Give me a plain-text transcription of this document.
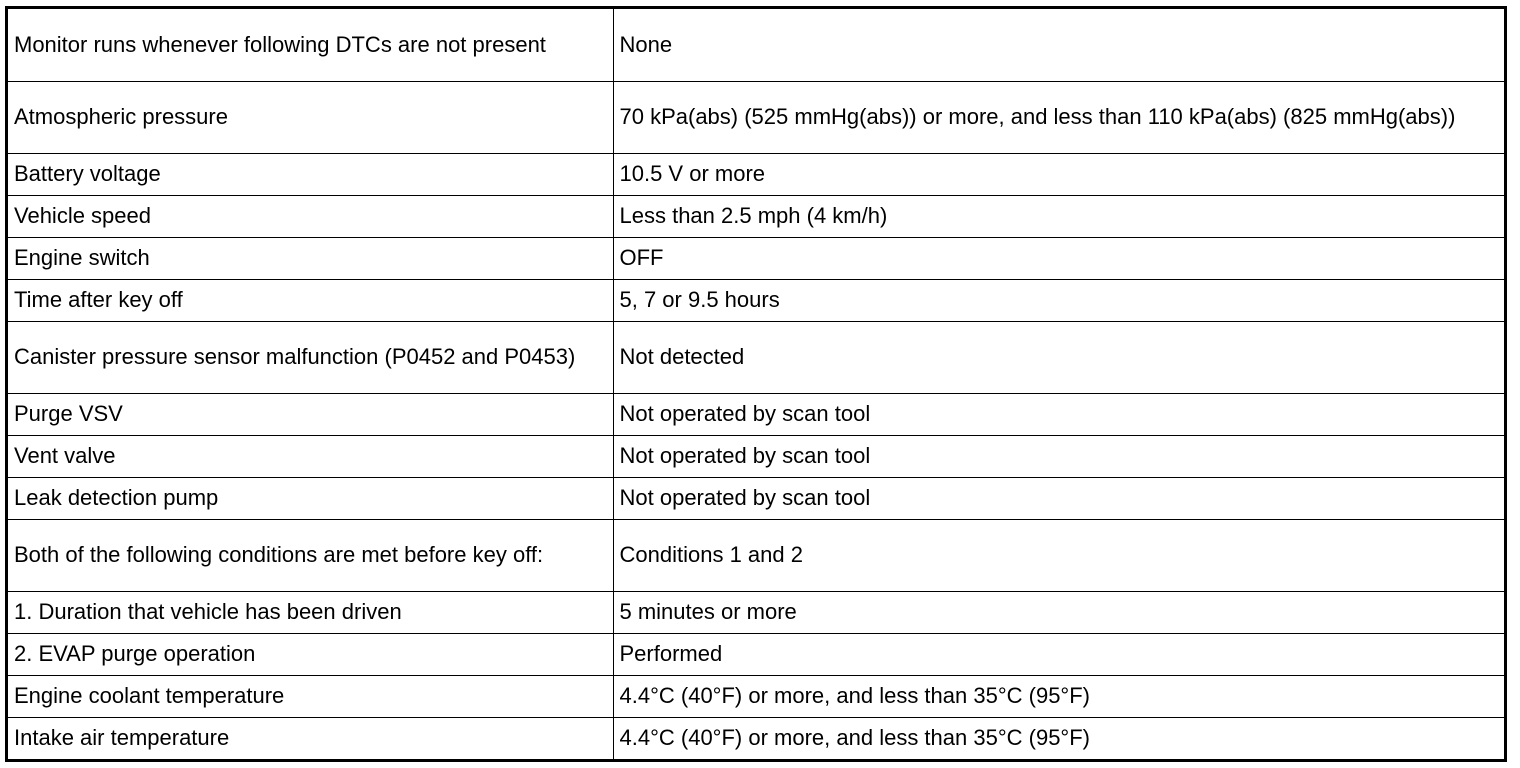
Monitor runs whenever following DTCs are not present	None
Atmospheric pressure	70 kPa(abs) (525 mmHg(abs)) or more, and less than 110 kPa(abs) (825 mmHg(abs))
Battery voltage	10.5 V or more
Vehicle speed	Less than 2.5 mph (4 km/h)
Engine switch	OFF
Time after key off	5, 7 or 9.5 hours
Canister pressure sensor malfunction (P0452 and P0453)	Not detected
Purge VSV	Not operated by scan tool
Vent valve	Not operated by scan tool
Leak detection pump	Not operated by scan tool
Both of the following conditions are met before key off:	Conditions 1 and 2
1. Duration that vehicle has been driven	5 minutes or more
2. EVAP purge operation	Performed
Engine coolant temperature	4.4°C (40°F) or more, and less than 35°C (95°F)
Intake air temperature	4.4°C (40°F) or more, and less than 35°C (95°F)
